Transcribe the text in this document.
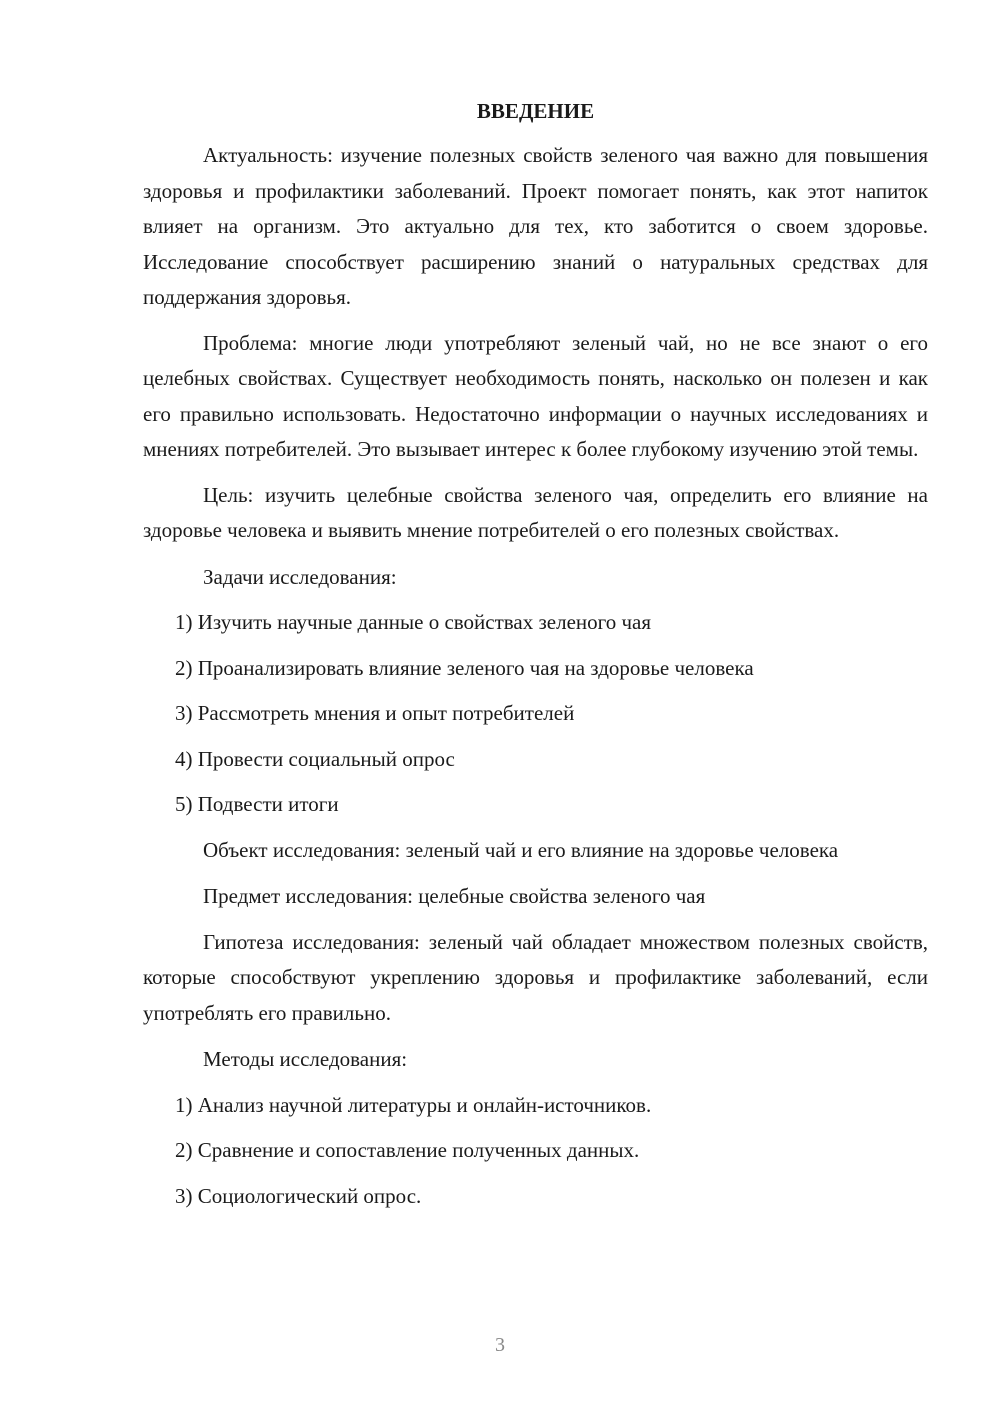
ВВЕДЕНИЕ

Актуальность: изучение полезных свойств зеленого чая важно для повышения здоровья и профилактики заболеваний. Проект помогает понять, как этот напиток влияет на организм. Это актуально для тех, кто заботится о своем здоровье. Исследование способствует расширению знаний о натуральных средствах для поддержания здоровья.

Проблема: многие люди употребляют зеленый чай, но не все знают о его целебных свойствах. Существует необходимость понять, насколько он полезен и как его правильно использовать. Недостаточно информации о научных исследованиях и мнениях потребителей. Это вызывает интерес к более глубокому изучению этой темы.

Цель: изучить целебные свойства зеленого чая, определить его влияние на здоровье человека и выявить мнение потребителей о его полезных свойствах.

Задачи исследования:

1) Изучить научные данные о свойствах зеленого чая

2) Проанализировать влияние зеленого чая на здоровье человека

3) Рассмотреть мнения и опыт потребителей

4) Провести социальный опрос

5) Подвести итоги

Объект исследования: зеленый чай и его влияние на здоровье человека

Предмет исследования: целебные свойства зеленого чая

Гипотеза исследования: зеленый чай обладает множеством полезных свойств, которые способствуют укреплению здоровья и профилактике заболеваний, если употреблять его правильно.

Методы исследования:

1) Анализ научной литературы и онлайн-источников.

2) Сравнение и сопоставление полученных данных.

3) Социологический опрос.

3
